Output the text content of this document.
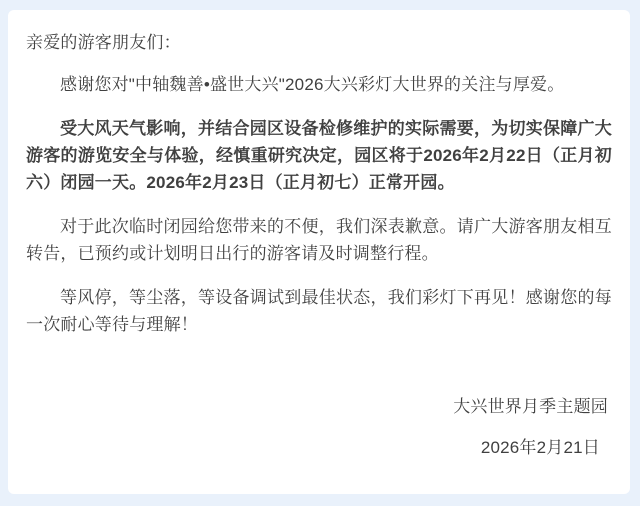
亲爱的游客朋友们：

感谢您对"中轴魏善•盛世大兴"2026大兴彩灯大世界的关注与厚爱。

受大风天气影响，并结合园区设备检修维护的实际需要，为切实保障广大游客的游览安全与体验，经慎重研究决定，园区将于2026年2月22日（正月初六）闭园一天。2026年2月23日（正月初七）正常开园。

对于此次临时闭园给您带来的不便，我们深表歉意。请广大游客朋友相互转告，已预约或计划明日出行的游客请及时调整行程。

等风停，等尘落，等设备调试到最佳状态，我们彩灯下再见！感谢您的每一次耐心等待与理解！

大兴世界月季主题园

2026年2月21日
